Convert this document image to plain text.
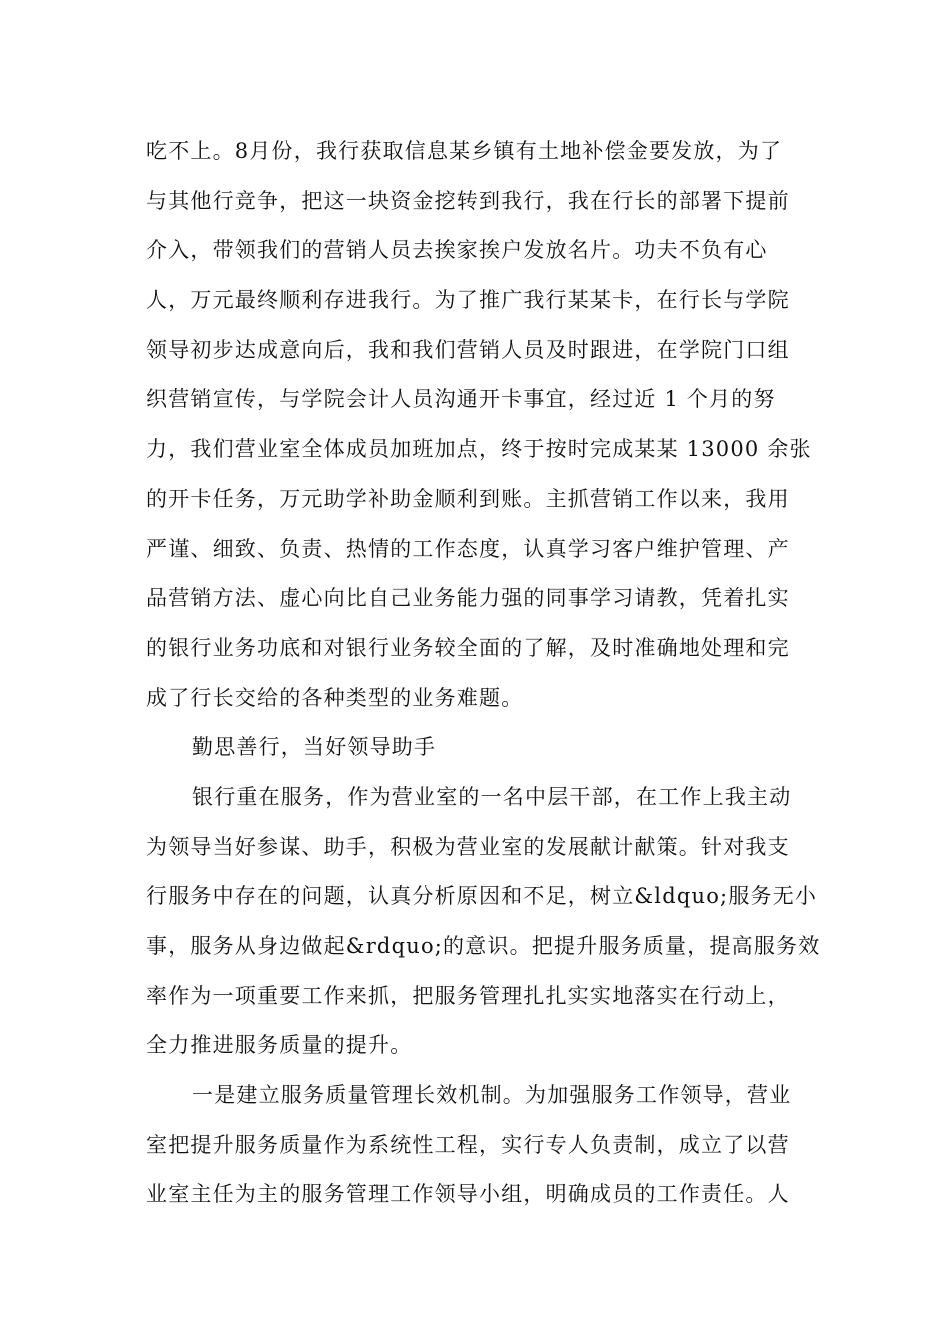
吃不上。8月份，我行获取信息某乡镇有土地补偿金要发放，为了
与其他行竞争，把这一块资金挖转到我行，我在行长的部署下提前
介入，带领我们的营销人员去挨家挨户发放名片。功夫不负有心
人，万元最终顺利存进我行。为了推广我行某某卡，在行长与学院
领导初步达成意向后，我和我们营销人员及时跟进，在学院门口组
织营销宣传，与学院会计人员沟通开卡事宜，经过近 1 个月的努
力，我们营业室全体成员加班加点，终于按时完成某某 13000 余张
的开卡任务，万元助学补助金顺利到账。主抓营销工作以来，我用
严谨、细致、负责、热情的工作态度，认真学习客户维护管理、产
品营销方法、虚心向比自己业务能力强的同事学习请教，凭着扎实
的银行业务功底和对银行业务较全面的了解，及时准确地处理和完
成了行长交给的各种类型的业务难题。
勤思善行，当好领导助手
银行重在服务，作为营业室的一名中层干部，在工作上我主动
为领导当好参谋、助手，积极为营业室的发展献计献策。针对我支
行服务中存在的问题，认真分析原因和不足，树立&ldquo;服务无小
事，服务从身边做起&rdquo;的意识。把提升服务质量，提高服务效
率作为一项重要工作来抓，把服务管理扎扎实实地落实在行动上，
全力推进服务质量的提升。
一是建立服务质量管理长效机制。为加强服务工作领导，营业
室把提升服务质量作为系统性工程，实行专人负责制，成立了以营
业室主任为主的服务管理工作领导小组，明确成员的工作责任。人
